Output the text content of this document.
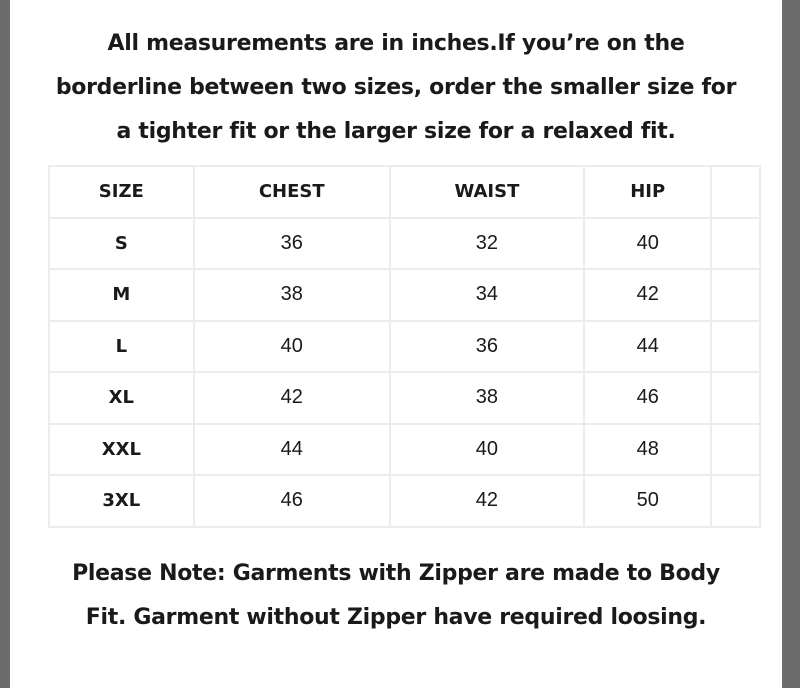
All measurements are in inches.If you’re on the
borderline between two sizes, order the smaller size for
a tighter fit or the larger size for a relaxed fit.
SIZE	CHEST	WAIST	HIP	
S	36	32	40	
M	38	34	42	
L	40	36	44	
XL	42	38	46	
XXL	44	40	48	
3XL	46	42	50	
Please Note: Garments with Zipper are made to Body
Fit. Garment without Zipper have required loosing.
